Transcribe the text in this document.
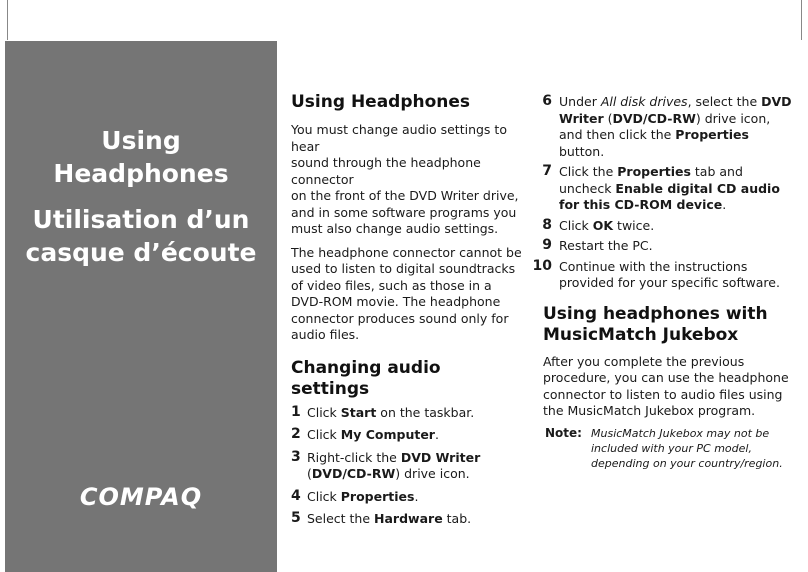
Using
Headphones
Utilisation d’un
casque d’écoute
COMPAQ
Using Headphones

You must change audio settings to hear
sound through the headphone connector
on the front of the DVD Writer drive,
and in some software programs you
must also change audio settings.

The headphone connector cannot be
used to listen to digital soundtracks
of video files, such as those in a
DVD-ROM movie. The headphone
connector produces sound only for
audio files.

Changing audio settings
1 Click Start on the taskbar.
2 Click My Computer.
3 Right-click the DVD Writer
(DVD/CD-RW) drive icon.
4 Click Properties.
5 Select the Hardware tab.
6 Under All disk drives, select the DVD
Writer (DVD/CD-RW) drive icon,
and then click the Properties
button.
7 Click the Properties tab and
uncheck Enable digital CD audio
for this CD-ROM device.
8 Click OK twice.
9 Restart the PC.
10 Continue with the instructions
provided for your specific software.
Using headphones with
MusicMatch Jukebox

After you complete the previous
procedure, you can use the headphone
connector to listen to audio files using
the MusicMatch Jukebox program.

Note: MusicMatch Jukebox may not be
included with your PC model,
depending on your country/region.
